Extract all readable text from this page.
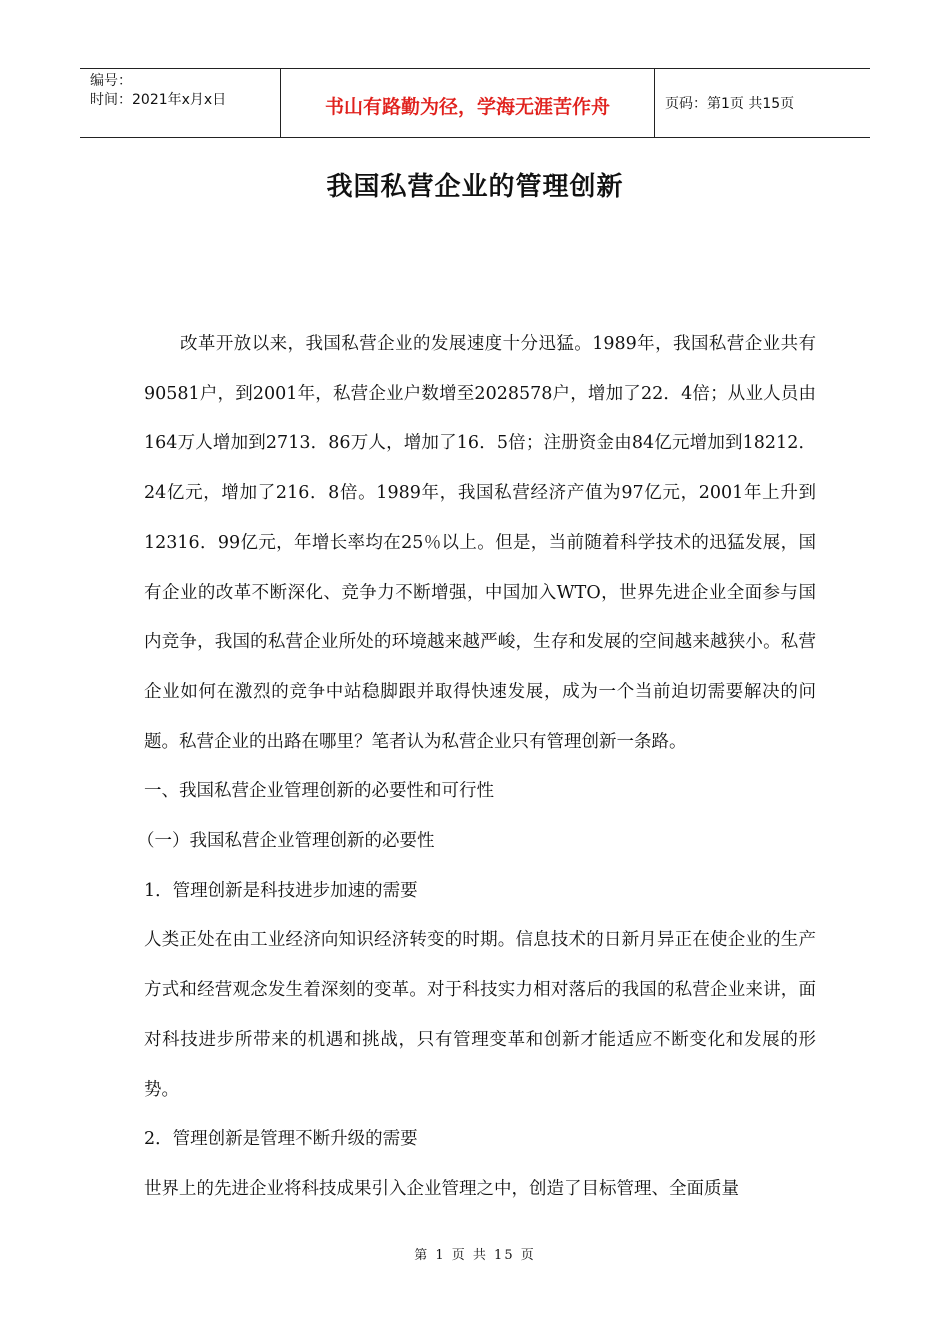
编号：
时间：2021年x月x日	书山有路勤为径，学海无涯苦作舟	页码：第1页 共15页
我国私营企业的管理创新

改革开放以来，我国私营企业的发展速度十分迅猛。1989年，我国私营企业共有90581户，到2001年，私营企业户数增至2028578户，增加了22．4倍；从业人员由164万人增加到2713．86万人，增加了16．5倍；注册资金由84亿元增加到18212．24亿元，增加了216．8倍。1989年，我国私营经济产值为97亿元，2001年上升到12316．99亿元，年增长率均在25％以上。但是，当前随着科学技术的迅猛发展，国有企业的改革不断深化、竞争力不断增强，中国加入WTO，世界先进企业全面参与国内竞争，我国的私营企业所处的环境越来越严峻，生存和发展的空间越来越狭小。私营企业如何在激烈的竞争中站稳脚跟并取得快速发展，成为一个当前迫切需要解决的问题。私营企业的出路在哪里？笔者认为私营企业只有管理创新一条路。

一、我国私营企业管理创新的必要性和可行性

（一）我国私营企业管理创新的必要性

1．管理创新是科技进步加速的需要

人类正处在由工业经济向知识经济转变的时期。信息技术的日新月异正在使企业的生产方式和经营观念发生着深刻的变革。对于科技实力相对落后的我国的私营企业来讲，面对科技进步所带来的机遇和挑战，只有管理变革和创新才能适应不断变化和发展的形势。

2．管理创新是管理不断升级的需要

世界上的先进企业将科技成果引入企业管理之中，创造了目标管理、全面质量

第 1 页 共 15 页
